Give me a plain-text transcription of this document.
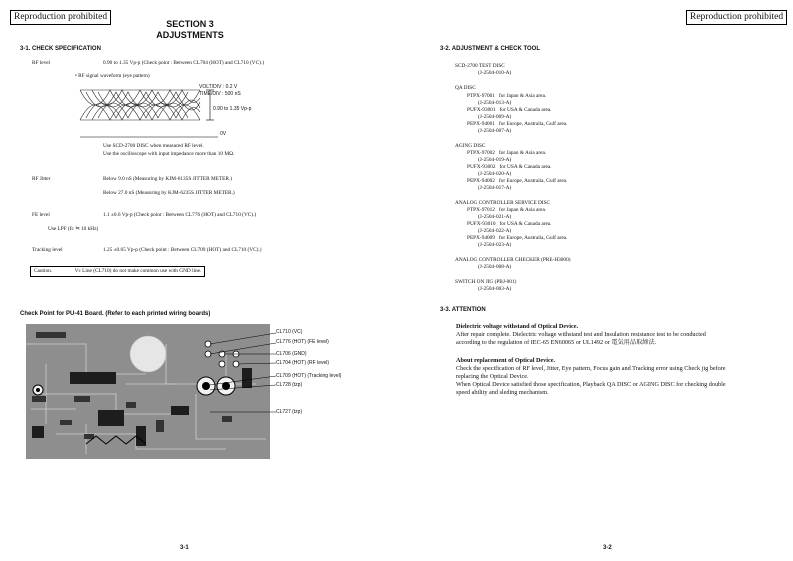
Reproduction prohibited
SECTION 3
ADJUSTMENTS
3-1. CHECK SPECIFICATION
RF level	0.90 to 1.35 Vp-p (Check point : Between CL704 (HOT) and CL710 (VC).)
• RF signal waveform (eye pattern)
VOLT/DIV : 0.2 V
TIME/DIV : 500 nS
0.90 to 1.35 Vp-p
0V
Use SCD-2700 DISC when measured RF level.
Use the oscilloscope with input impedance more than 10 MΩ.
RF Jitter	Below 9.0 nS (Measuring by KJM-6135S JITTER METER.)
Below 27.0 nS (Measuring by KJM-6235S JITTER METER.)
FE level	1.1 ±0.6 Vp-p (Check point : Between CL776 (HOT) and CL710 (VC).)
Use LPF (fc ≒ 10 kHz)
Tracking level	1.25 ±0.65 Vp-p (Check point : Between CL709 (HOT) and CL710 (VC).)
Caution.	Vc Line (CL710) do not make common use with GND line.
Check Point for PU-41 Board. (Refer to each printed wiring boards)
CL710 (VC)
CL776 (HOT) (FE level)
CL706 (GND)
CL704 (HOT) (RF level)
CL709 (HOT) (Tracking level)
CL728 (tzp)
CL727 (tzp)
3-1
Reproduction prohibited
3-2. ADJUSTMENT & CHECK TOOL
SCD-2700 TEST DISC
(J-2504-010-A)
QA DISC
PTPX-97001 for Japan & Asia area.
(J-2504-013-A)
PUFX-93001 for USA & Canada area.
(J-2504-009-A)
PEPX-94001 for Europe, Australia, Gulf area.
(J-2504-007-A)
AGING DISC
PTPX-97002 for Japan & Asia area.
(J-2504-019-A)
PUFX-93002 for USA & Canada area.
(J-2504-020-A)
PEPX-94002 for Europe, Australia, Gulf area.
(J-2504-017-A)
ANALOG CONTROLLER SERVICE DISC
PTPX-97012 for Japan & Asia area.
(J-2504-021-A)
PUFX-93010 for USA & Canada area.
(J-2504-022-A)
PEPX-94009 for Europe, Australia, Gulf area.
(J-2504-023-A)
ANALOG CONTROLLER CHECKER (PRE-H3000)
(J-2504-008-A)
SWITCH ON JIG (PBJ-001)
(J-2504-003-A)
3-3. ATTENTION
Dielectric voltage withstand of Optical Device.
After repair complete. Dielectric voltage withstand test and Insulation resistance test to be conducted
according to the regulation of IEC-65 EN60065 or UL1492 or 電気用品取締法.
About replacement of Optical Device.
Check the specification of RF level, Jitter, Eye pattern, Focus gain and Tracking error using Check jig before
replacing the Optical Device.
When Optical Device satisfied those specification, Playback QA DISC or AGING DISC for checking double
speed ability and sleding mechanism.
3-2
